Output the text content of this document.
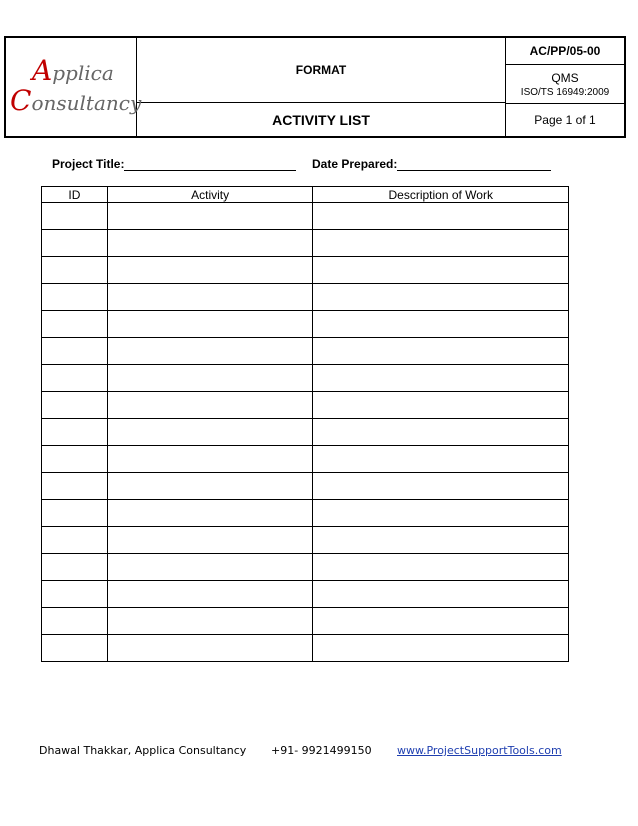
Applica
Consultancy
FORMAT
ACTIVITY LIST
AC/PP/05-00
QMS
ISO/TS 16949:2009
Page 1 of 1
Project Title:	Date Prepared:
ID	Activity	Description of Work

Dhawal Thakkar, Applica Consultancy +91- 9921499150 www.ProjectSupportTools.com
